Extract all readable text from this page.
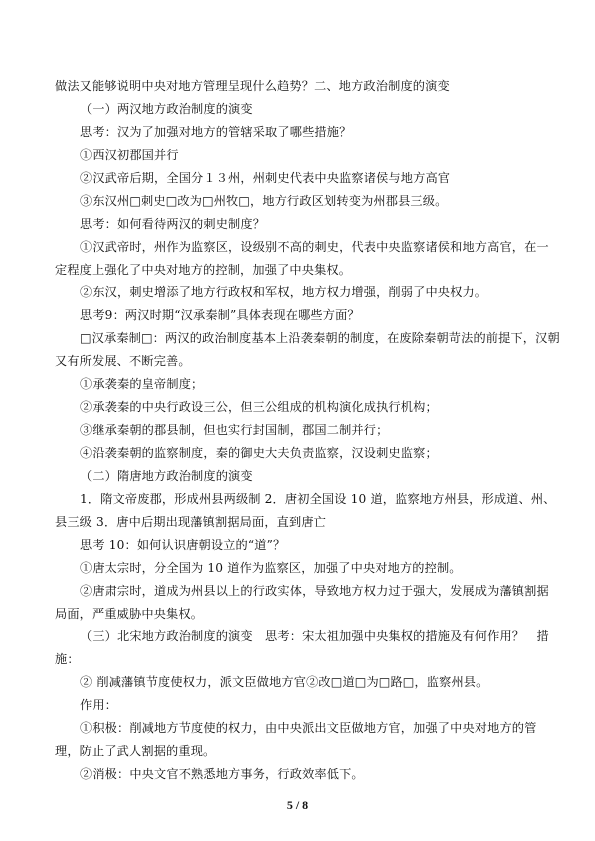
做法又能够说明中央对地方管理呈现什么趋势？二、地方政治制度的演变
（一）两汉地方政治制度的演变
思考：汉为了加强对地方的管辖采取了哪些措施？
①西汉初郡国并行
②汉武帝后期，全国分１３州，州刺史代表中央监察诸侯与地方高官
③东汉州□刺史□改为□州牧□，地方行政区划转变为州郡县三级。
思考：如何看待两汉的刺史制度？
①汉武帝时，州作为监察区，设级别不高的刺史，代表中央监察诸侯和地方高官，在一
定程度上强化了中央对地方的控制，加强了中央集权。
②东汉，刺史增添了地方行政权和军权，地方权力增强，削弱了中央权力。
思考9：两汉时期“汉承秦制”具体表现在哪些方面？
□汉承秦制□：两汉的政治制度基本上沿袭秦朝的制度，在废除秦朝苛法的前提下，汉朝
又有所发展、不断完善。
①承袭秦的皇帝制度；
②承袭秦的中央行政设三公，但三公组成的机构演化成执行机构；
③继承秦朝的郡县制，但也实行封国制，郡国二制并行；
④沿袭秦朝的监察制度，秦的御史大夫负责监察，汉设刺史监察；
（二）隋唐地方政治制度的演变
1．隋文帝废郡，形成州县两级制 2．唐初全国设 10 道，监察地方州县，形成道、州、
县三级 3．唐中后期出现藩镇割据局面，直到唐亡
思考 10：如何认识唐朝设立的“道”？
①唐太宗时，分全国为 10 道作为监察区，加强了中央对地方的控制。
②唐肃宗时，道成为州县以上的行政实体，导致地方权力过于强大，发展成为藩镇割据
局面，严重威胁中央集权。
（三）北宋地方政治制度的演变　思考：宋太祖加强中央集权的措施及有何作用？　措
施：
② 削减藩镇节度使权力，派文臣做地方官②改□道□为□路□，监察州县。
作用：
①积极：削减地方节度使的权力，由中央派出文臣做地方官，加强了中央对地方的管
理，防止了武人割据的重现。
②消极：中央文官不熟悉地方事务，行政效率低下。
5 / 8
